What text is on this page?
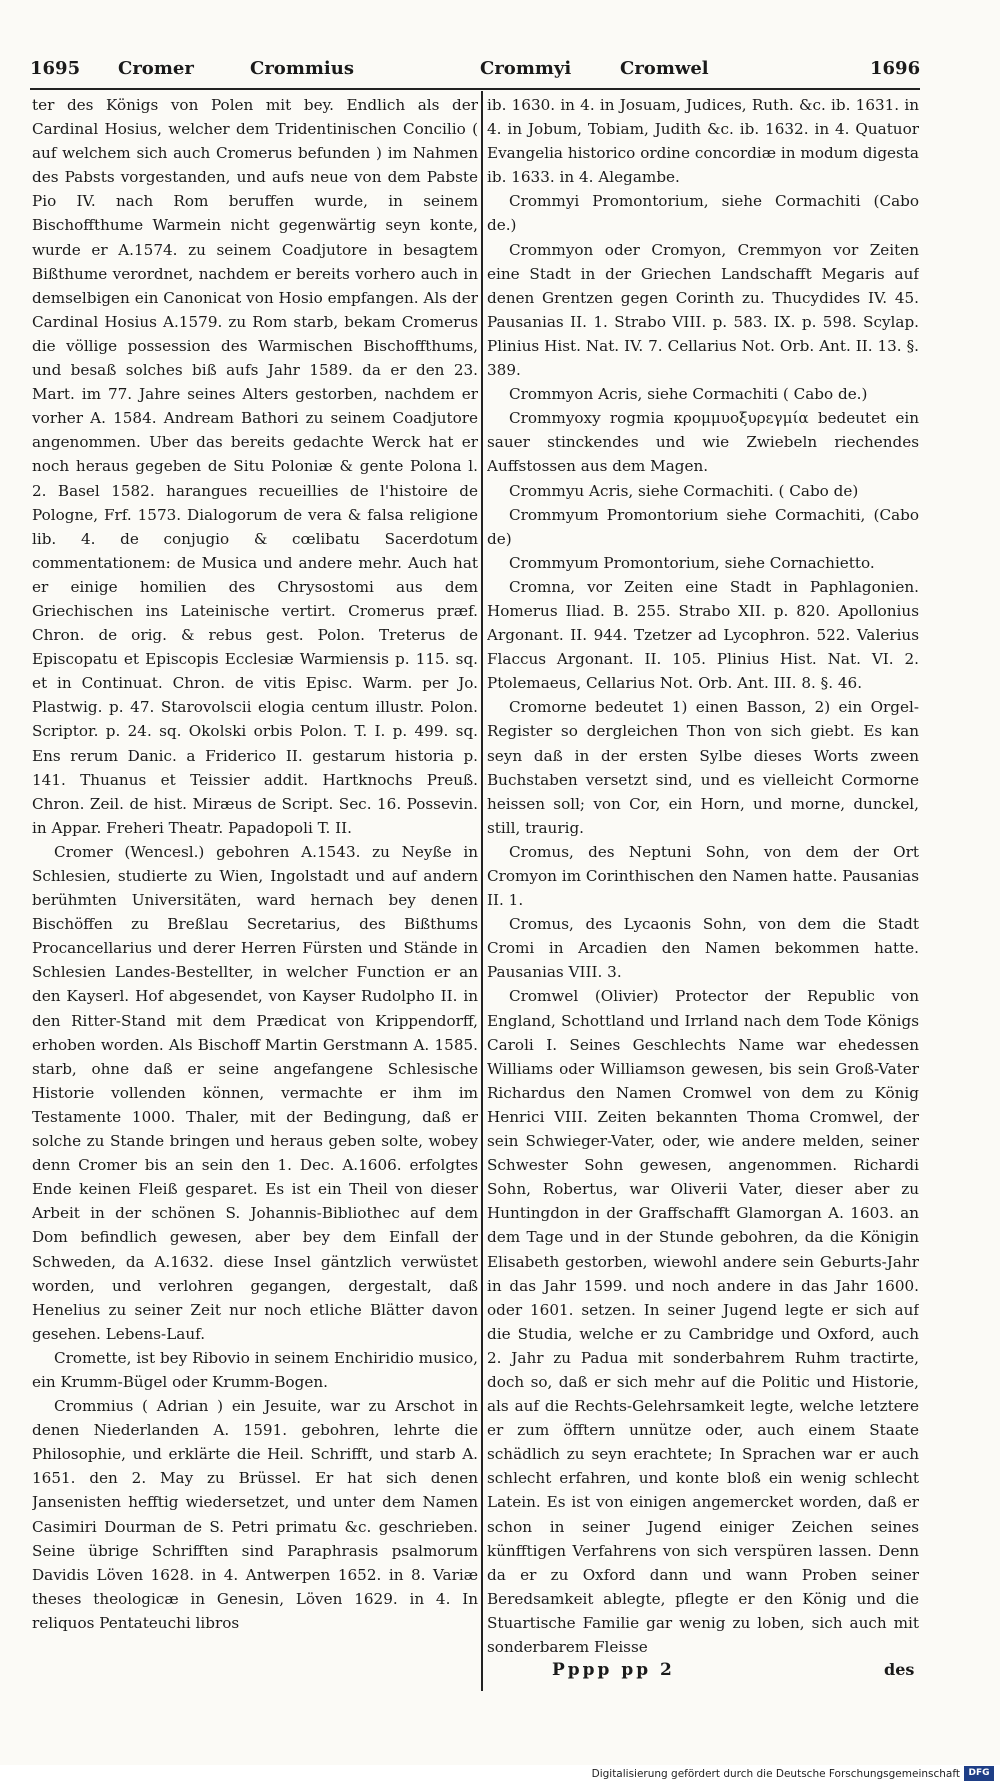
1695 Cromer	Crommius	Crommyi	Cromwel	1696

ter des Königs von Polen mit bey. Endlich als der Cardinal Hosius, welcher dem Tridentinischen Concilio ( auf welchem sich auch Cromerus befunden ) im Nahmen des Pabsts vorgestanden, und aufs neue von dem Pabste Pio IV. nach Rom beruffen wurde, in seinem Bischoffthume Warmein nicht gegenwärtig seyn konte, wurde er A.1574. zu seinem Coadjutore in besagtem Bißthume verordnet, nachdem er bereits vorhero auch in demselbigen ein Canonicat von Hosio empfangen. Als der Cardinal Hosius A.1579. zu Rom starb, bekam Cromerus die völlige possession des Warmischen Bischoffthums, und besaß solches biß aufs Jahr 1589. da er den 23. Mart. im 77. Jahre seines Alters gestorben, nachdem er vorher A. 1584. Andream Bathori zu seinem Coadjutore angenommen. Uber das bereits gedachte Werck hat er noch heraus gegeben de Situ Poloniæ & gente Polona l. 2. Basel 1582. harangues recueillies de l'histoire de Pologne, Frf. 1573. Dialogorum de vera & falsa religione lib. 4. de conjugio & cœlibatu Sacerdotum commentationem: de Musica und andere mehr. Auch hat er einige homilien des Chrysostomi aus dem Griechischen ins Lateinische vertirt. Cromerus præf. Chron. de orig. & rebus gest. Polon. Treterus de Episcopatu et Episcopis Ecclesiæ Warmiensis p. 115. sq. et in Continuat. Chron. de vitis Episc. Warm. per Jo. Plastwig. p. 47. Starovolscii elogia centum illustr. Polon. Scriptor. p. 24. sq. Okolski orbis Polon. T. I. p. 499. sq. Ens rerum Danic. a Friderico II. gestarum historia p. 141. Thuanus et Teissier addit. Hartknochs Preuß. Chron. Zeil. de hist. Miræus de Script. Sec. 16. Possevin. in Appar. Freheri Theatr. Papadopoli T. II.

Cromer (Wencesl.) gebohren A.1543. zu Neyße in Schlesien, studierte zu Wien, Ingolstadt und auf andern berühmten Universitäten, ward hernach bey denen Bischöffen zu Breßlau Secretarius, des Bißthums Procancellarius und derer Herren Fürsten und Stände in Schlesien Landes-Bestellter, in welcher Function er an den Kayserl. Hof abgesendet, von Kayser Rudolpho II. in den Ritter-Stand mit dem Prædicat von Krippendorff, erhoben worden. Als Bischoff Martin Gerstmann A. 1585. starb, ohne daß er seine angefangene Schlesische Historie vollenden können, vermachte er ihm im Testamente 1000. Thaler, mit der Bedingung, daß er solche zu Stande bringen und heraus geben solte, wobey denn Cromer bis an sein den 1. Dec. A.1606. erfolgtes Ende keinen Fleiß gesparet. Es ist ein Theil von dieser Arbeit in der schönen S. Johannis-Bibliothec auf dem Dom befindlich gewesen, aber bey dem Einfall der Schweden, da A.1632. diese Insel gäntzlich verwüstet worden, und verlohren gegangen, dergestalt, daß Henelius zu seiner Zeit nur noch etliche Blätter davon gesehen. Lebens-Lauf.

Cromette, ist bey Ribovio in seinem Enchiridio musico, ein Krumm-Bügel oder Krumm-Bogen.

Crommius ( Adrian ) ein Jesuite, war zu Arschot in denen Niederlanden A. 1591. gebohren, lehrte die Philosophie, und erklärte die Heil. Schrifft, und starb A. 1651. den 2. May zu Brüssel. Er hat sich denen Jansenisten hefftig wiedersetzet, und unter dem Namen Casimiri Dourman de S. Petri primatu &c. geschrieben. Seine übrige Schrifften sind Paraphrasis psalmorum Davidis Löven 1628. in 4. Antwerpen 1652. in 8. Variæ theses theologicæ in Genesin, Löven 1629. in 4. In reliquos Pentateuchi libros

ib. 1630. in 4. in Josuam, Judices, Ruth. &c. ib. 1631. in 4. in Jobum, Tobiam, Judith &c. ib. 1632. in 4. Quatuor Evangelia historico ordine concordiæ in modum digesta ib. 1633. in 4. Alegambe.

Crommyi Promontorium, siehe Cormachiti (Cabo de.)

Crommyon oder Cromyon, Cremmyon vor Zeiten eine Stadt in der Griechen Landschafft Megaris auf denen Grentzen gegen Corinth zu. Thucydides IV. 45. Pausanias II. 1. Strabo VIII. p. 583. IX. p. 598. Scylap. Plinius Hist. Nat. IV. 7. Cellarius Not. Orb. Ant. II. 13. §. 389.

Crommyon Acris, siehe Cormachiti ( Cabo de.)

Crommyoxy rogmia κρομμυοξυρεγμία bedeutet ein sauer stinckendes und wie Zwiebeln riechendes Auffstossen aus dem Magen.

Crommyu Acris, siehe Cormachiti. ( Cabo de)

Crommyum Promontorium siehe Cormachiti, (Cabo de)

Crommyum Promontorium, siehe Cornachietto.

Cromna, vor Zeiten eine Stadt in Paphlagonien. Homerus Iliad. B. 255. Strabo XII. p. 820. Apollonius Argonant. II. 944. Tzetzer ad Lycophron. 522. Valerius Flaccus Argonant. II. 105. Plinius Hist. Nat. VI. 2. Ptolemaeus, Cellarius Not. Orb. Ant. III. 8. §. 46.

Cromorne bedeutet 1) einen Basson, 2) ein Orgel-Register so dergleichen Thon von sich giebt. Es kan seyn daß in der ersten Sylbe dieses Worts zween Buchstaben versetzt sind, und es vielleicht Cormorne heissen soll; von Cor, ein Horn, und morne, dunckel, still, traurig.

Cromus, des Neptuni Sohn, von dem der Ort Cromyon im Corinthischen den Namen hatte. Pausanias II. 1.

Cromus, des Lycaonis Sohn, von dem die Stadt Cromi in Arcadien den Namen bekommen hatte. Pausanias VIII. 3.

Cromwel (Olivier) Protector der Republic von England, Schottland und Irrland nach dem Tode Königs Caroli I. Seines Geschlechts Name war ehedessen Williams oder Williamson gewesen, bis sein Groß-Vater Richardus den Namen Cromwel von dem zu König Henrici VIII. Zeiten bekannten Thoma Cromwel, der sein Schwieger-Vater, oder, wie andere melden, seiner Schwester Sohn gewesen, angenommen. Richardi Sohn, Robertus, war Oliverii Vater, dieser aber zu Huntingdon in der Graffschafft Glamorgan A. 1603. an dem Tage und in der Stunde gebohren, da die Königin Elisabeth gestorben, wiewohl andere sein Geburts-Jahr in das Jahr 1599. und noch andere in das Jahr 1600. oder 1601. setzen. In seiner Jugend legte er sich auf die Studia, welche er zu Cambridge und Oxford, auch 2. Jahr zu Padua mit sonderbahrem Ruhm tractirte, doch so, daß er sich mehr auf die Politic und Historie, als auf die Rechts-Gelehrsamkeit legte, welche letztere er zum öfftern unnütze oder, auch einem Staate schädlich zu seyn erachtete; In Sprachen war er auch schlecht erfahren, und konte bloß ein wenig schlecht Latein. Es ist von einigen angemercket worden, daß er schon in seiner Jugend einiger Zeichen seines künfftigen Verfahrens von sich verspüren lassen. Denn da er zu Oxford dann und wann Proben seiner Beredsamkeit ablegte, pflegte er den König und die Stuartische Familie gar wenig zu loben, sich auch mit sonderbarem Fleisse

Pppp pp 2	des
Digitalisierung gefördert durch die Deutsche Forschungsgemeinschaft DFG
